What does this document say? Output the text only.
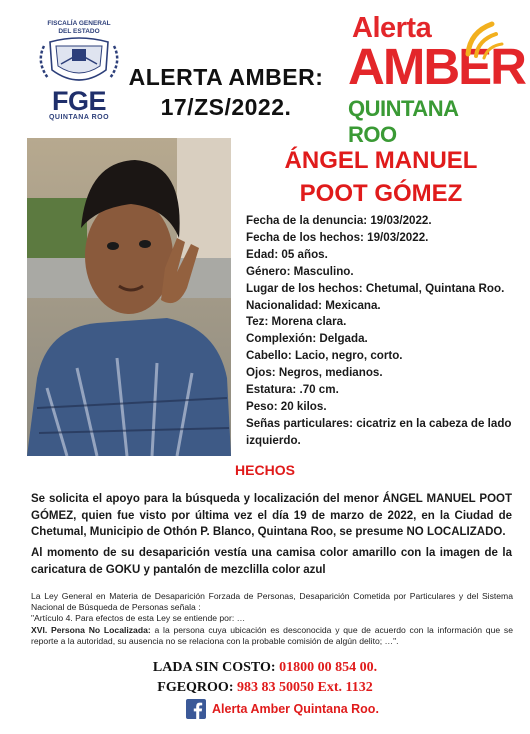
FISCALÍA GENERAL
DEL ESTADO
FGE
QUINTANA ROO
ALERTA AMBER:
17/ZS/2022.
Alerta
AMBER
QUINTANA ROO
ÁNGEL MANUEL
POOT GÓMEZ
Fecha de la denuncia: 19/03/2022.
Fecha de los hechos: 19/03/2022.
Edad: 05 años.
Género: Masculino.
Lugar de los hechos: Chetumal, Quintana Roo.
Nacionalidad: Mexicana.
Tez: Morena clara.
Complexión: Delgada.
Cabello: Lacio, negro, corto.
Ojos: Negros, medianos.
Estatura: .70 cm.
Peso: 20 kilos.
Señas particulares: cicatriz en la cabeza de lado izquierdo.
HECHOS
Se solicita el apoyo para la búsqueda y localización del menor ÁNGEL MANUEL POOT GÓMEZ, quien fue visto por última vez el día 19 de marzo de 2022, en la Ciudad de Chetumal, Municipio de Othón P. Blanco, Quintana Roo, se presume NO LOCALIZADO.
Al momento de su desaparición vestía una camisa color amarillo con la imagen de la caricatura de GOKU y pantalón de mezclilla color azul

La Ley General en Materia de Desaparición Forzada de Personas, Desaparición Cometida por Particulares y del Sistema Nacional de Búsqueda de Personas señala :

"Artículo 4. Para efectos de esta Ley se entiende por: …

XVI. Persona No Localizada: a la persona cuya ubicación es desconocida y que de acuerdo con la información que se reporte a la autoridad, su ausencia no se relaciona con la probable comisión de algún delito; …".

LADA SIN COSTO: 01800 00 854 00.
FGEQROO: 983 83 50050 Ext. 1132
Alerta Amber Quintana Roo.
